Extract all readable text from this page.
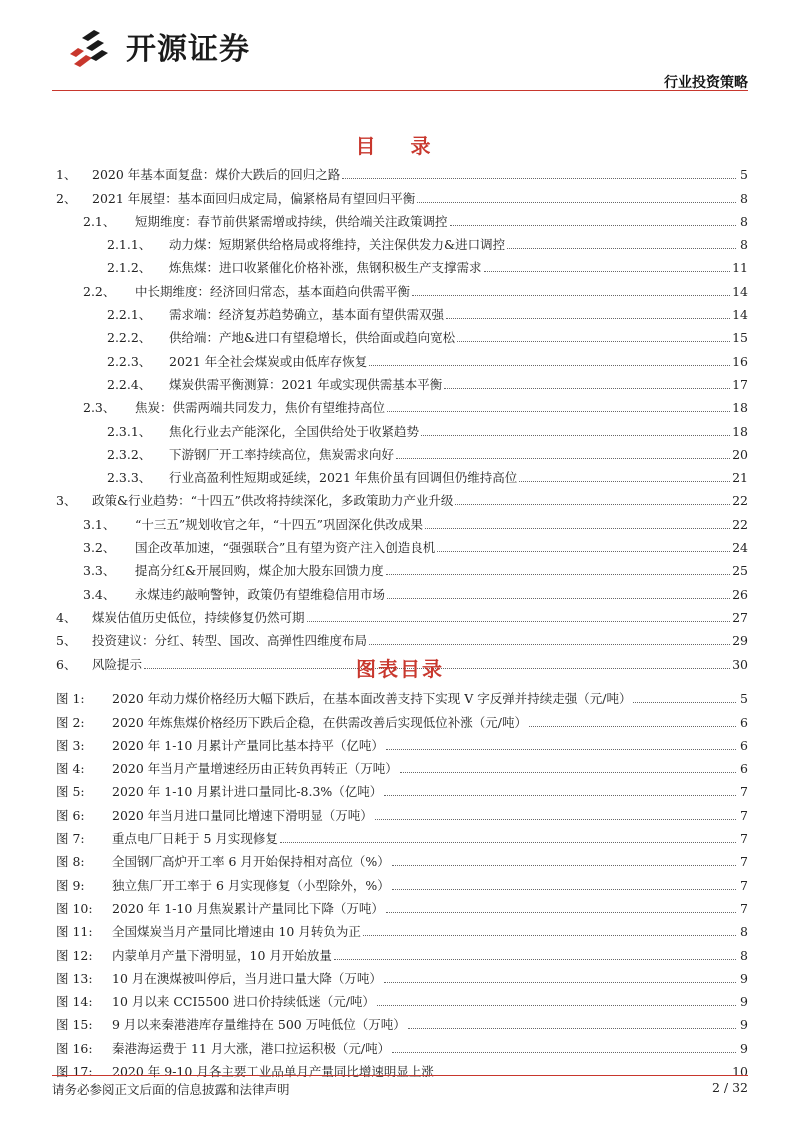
开源证券
行业投资策略
目 录
1、	2020 年基本面复盘：煤价大跌后的回归之路	5
2、	2021 年展望：基本面回归成定局，偏紧格局有望回归平衡	8
2.1、	短期维度：春节前供紧需增或持续，供给端关注政策调控	8
2.1.1、	动力煤：短期紧供给格局或将维持，关注保供发力&进口调控	8
2.1.2、	炼焦煤：进口收紧催化价格补涨，焦钢积极生产支撑需求	11
2.2、	中长期维度：经济回归常态，基本面趋向供需平衡	14
2.2.1、	需求端：经济复苏趋势确立，基本面有望供需双强	14
2.2.2、	供给端：产地&进口有望稳增长，供给面或趋向宽松	15
2.2.3、	2021 年全社会煤炭或由低库存恢复	16
2.2.4、	煤炭供需平衡测算：2021 年或实现供需基本平衡	17
2.3、	焦炭：供需两端共同发力，焦价有望维持高位	18
2.3.1、	焦化行业去产能深化，全国供给处于收紧趋势	18
2.3.2、	下游钢厂开工率持续高位，焦炭需求向好	20
2.3.3、	行业高盈利性短期或延续，2021 年焦价虽有回调但仍维持高位	21
3、	政策&行业趋势：“十四五”供改将持续深化，多政策助力产业升级	22
3.1、	“十三五”规划收官之年，“十四五”巩固深化供改成果	22
3.2、	国企改革加速，“强强联合”且有望为资产注入创造良机	24
3.3、	提高分红&开展回购，煤企加大股东回馈力度	25
3.4、	永煤违约敲响警钟，政策仍有望维稳信用市场	26
4、	煤炭估值历史低位，持续修复仍然可期	27
5、	投资建议：分红、转型、国改、高弹性四维度布局	29
6、	风险提示	30
图表目录
图 1:	2020 年动力煤价格经历大幅下跌后，在基本面改善支持下实现 V 字反弹并持续走强（元/吨）	5
图 2:	2020 年炼焦煤价格经历下跌后企稳，在供需改善后实现低位补涨（元/吨）	6
图 3:	2020 年 1-10 月累计产量同比基本持平（亿吨）	6
图 4:	2020 年当月产量增速经历由正转负再转正（万吨）	6
图 5:	2020 年 1-10 月累计进口量同比-8.3%（亿吨）	7
图 6:	2020 年当月进口量同比增速下滑明显（万吨）	7
图 7:	重点电厂日耗于 5 月实现修复	7
图 8:	全国钢厂高炉开工率 6 月开始保持相对高位（%）	7
图 9:	独立焦厂开工率于 6 月实现修复（小型除外，%）	7
图 10:	2020 年 1-10 月焦炭累计产量同比下降（万吨）	7
图 11:	全国煤炭当月产量同比增速由 10 月转负为正	8
图 12:	内蒙单月产量下滑明显，10 月开始放量	8
图 13:	10 月在澳煤被叫停后，当月进口量大降（万吨）	9
图 14:	10 月以来 CCI5500 进口价持续低迷（元/吨）	9
图 15:	9 月以来秦港港库存量维持在 500 万吨低位（万吨）	9
图 16:	秦港海运费于 11 月大涨，港口拉运积极（元/吨）	9
图 17:	2020 年 9-10 月各主要工业品单月产量同比增速明显上涨	10
请务必参阅正文后面的信息披露和法律声明	2 / 32
